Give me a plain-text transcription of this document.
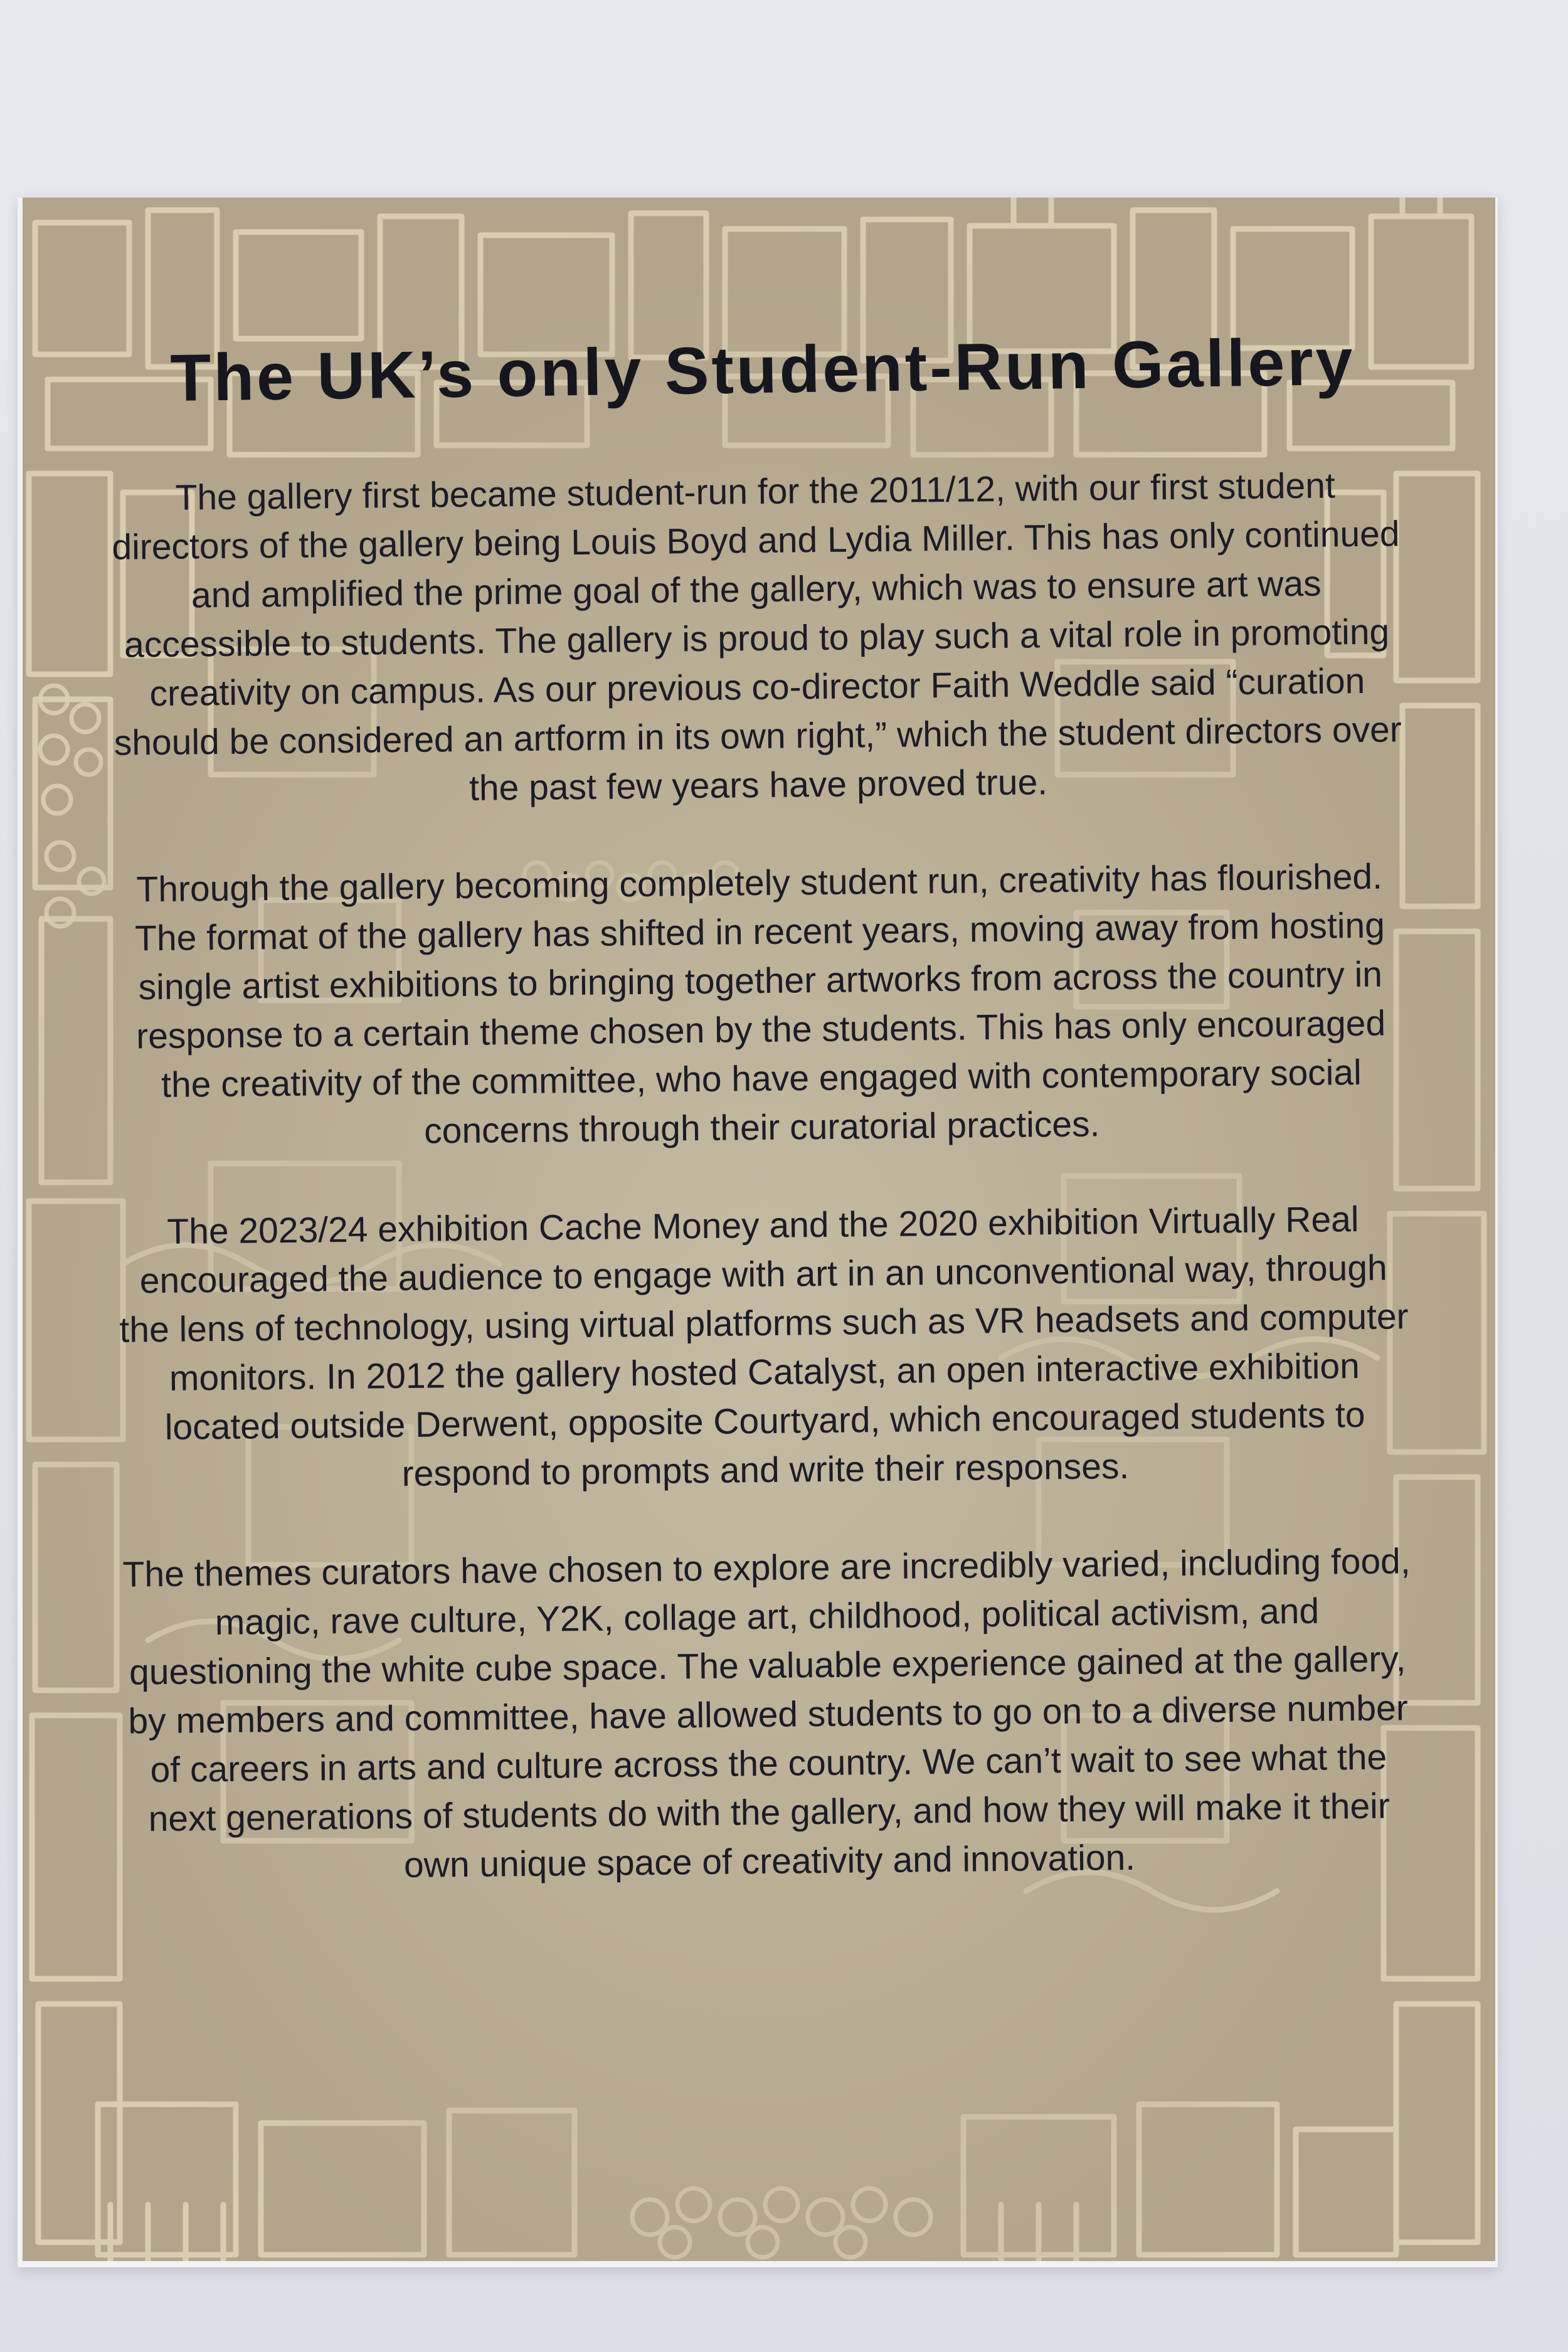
The UK’s only Student-Run Gallery

The gallery first became student-run for the 2011/12, with our first student directors of the gallery being Louis Boyd and Lydia Miller. This has only continued and amplified the prime goal of the gallery, which was to ensure art was accessible to students. The gallery is proud to play such a vital role in promoting creativity on campus. As our previous co-director Faith Weddle said “curation should be considered an artform in its own right,” which the student directors over the past few years have proved true.

Through the gallery becoming completely student run, creativity has flourished. The format of the gallery has shifted in recent years, moving away from hosting single artist exhibitions to bringing together artworks from across the country in response to a certain theme chosen by the students. This has only encouraged the creativity of the committee, who have engaged with contemporary social concerns through their curatorial practices.

The 2023/24 exhibition Cache Money and the 2020 exhibition Virtually Real encouraged the audience to engage with art in an unconventional way, through the lens of technology, using virtual platforms such as VR headsets and computer monitors. In 2012 the gallery hosted Catalyst, an open interactive exhibition located outside Derwent, opposite Courtyard, which encouraged students to respond to prompts and write their responses.

The themes curators have chosen to explore are incredibly varied, including food, magic, rave culture, Y2K, collage art, childhood, political activism, and questioning the white cube space. The valuable experience gained at the gallery, by members and committee, have allowed students to go on to a diverse number of careers in arts and culture across the country. We can’t wait to see what the next generations of students do with the gallery, and how they will make it their own unique space of creativity and innovation.
